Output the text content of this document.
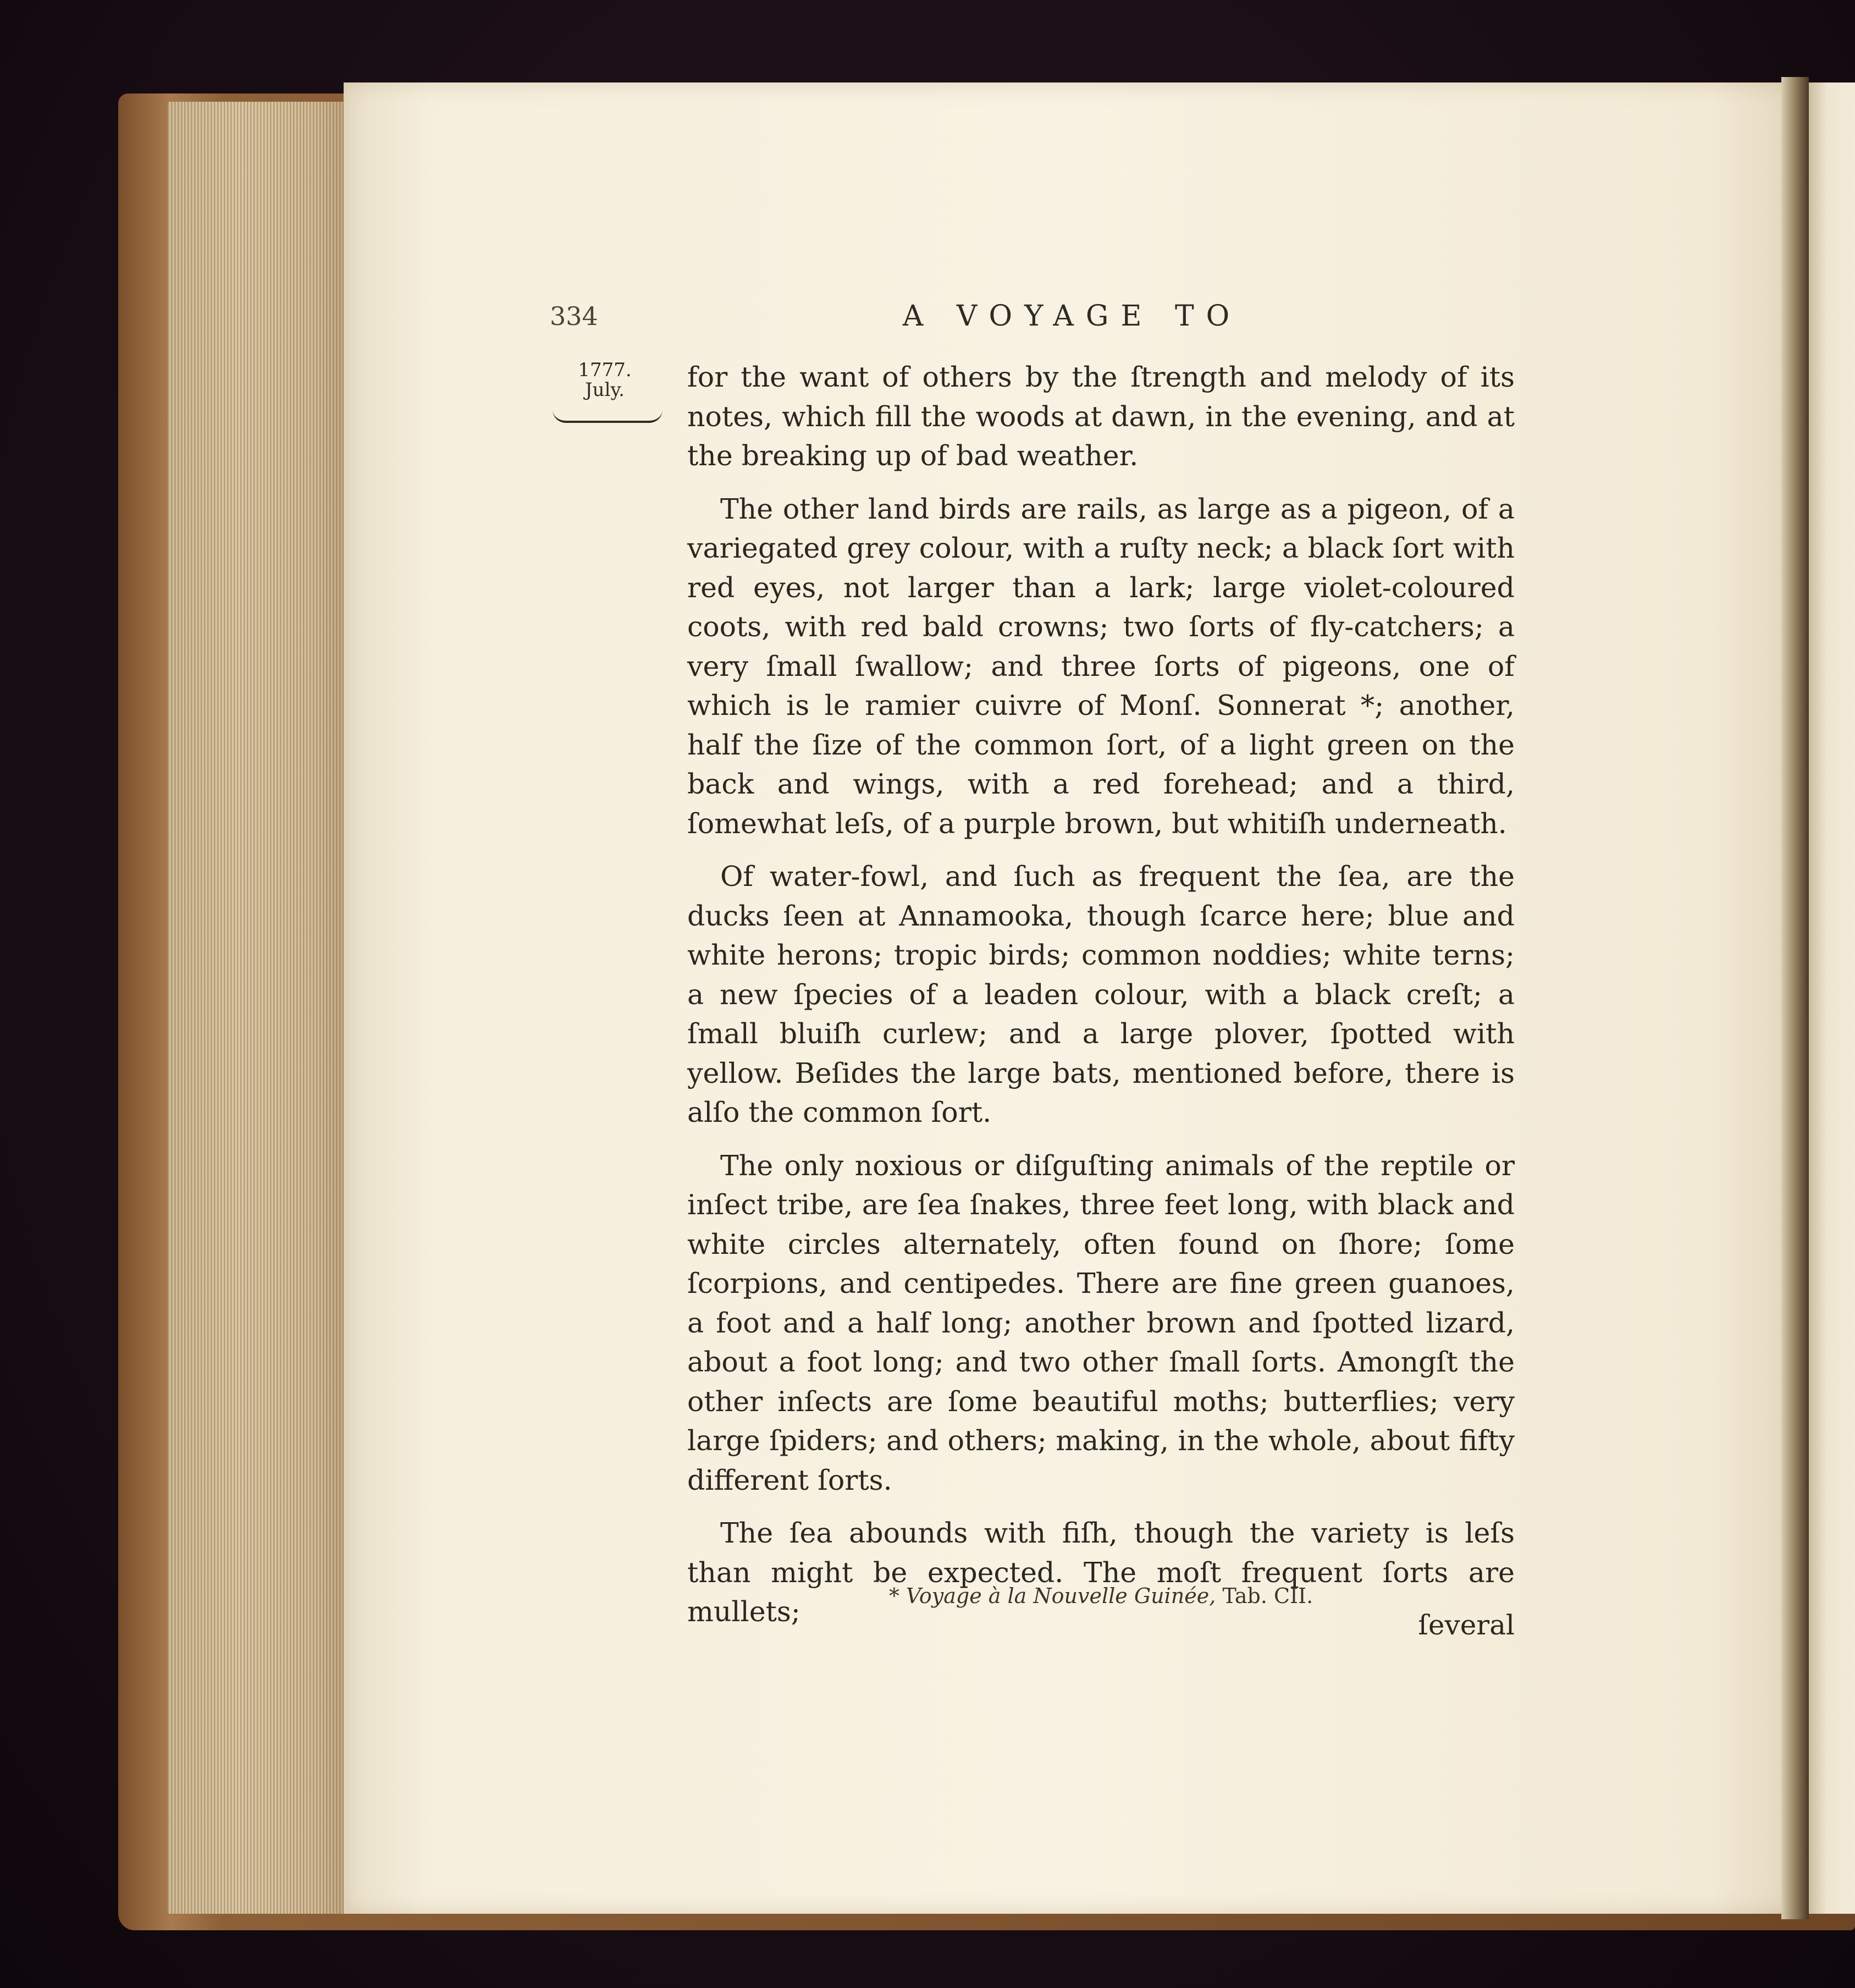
334	A VOYAGE TO
1777.
July.	for the want of others by the ſtrength and melody of its notes, which fill the woods at dawn, in the evening, and at the breaking up of bad weather.

The other land birds are rails, as large as a pigeon, of a variegated grey colour, with a ruſty neck; a black ſort with red eyes, not larger than a lark; large violet-coloured coots, with red bald crowns; two ſorts of fly-catchers; a very ſmall ſwallow; and three ſorts of pigeons, one of which is le ramier cuivre of Monſ. Sonnerat *; another, half the ſize of the common ſort, of a light green on the back and wings, with a red forehead; and a third, ſomewhat leſs, of a purple brown, but whitiſh underneath.

Of water-fowl, and ſuch as frequent the ſea, are the ducks ſeen at Annamooka, though ſcarce here; blue and white herons; tropic birds; common noddies; white terns; a new ſpecies of a leaden colour, with a black creſt; a ſmall bluiſh curlew; and a large plover, ſpotted with yellow. Beſides the large bats, mentioned before, there is alſo the common ſort.

The only noxious or diſguſting animals of the reptile or inſect tribe, are ſea ſnakes, three feet long, with black and white circles alternately, often found on ſhore; ſome ſcorpions, and centipedes. There are fine green guanoes, a foot and a half long; another brown and ſpotted lizard, about a foot long; and two other ſmall ſorts. Amongſt the other inſects are ſome beautiful moths; butterflies; very large ſpiders; and others; making, in the whole, about fifty different ſorts.

The ſea abounds with fiſh, though the variety is leſs than might be expected. The moſt frequent ſorts are mullets;	* Voyage à la Nouvelle Guinée, Tab. CII.
ſeveral
